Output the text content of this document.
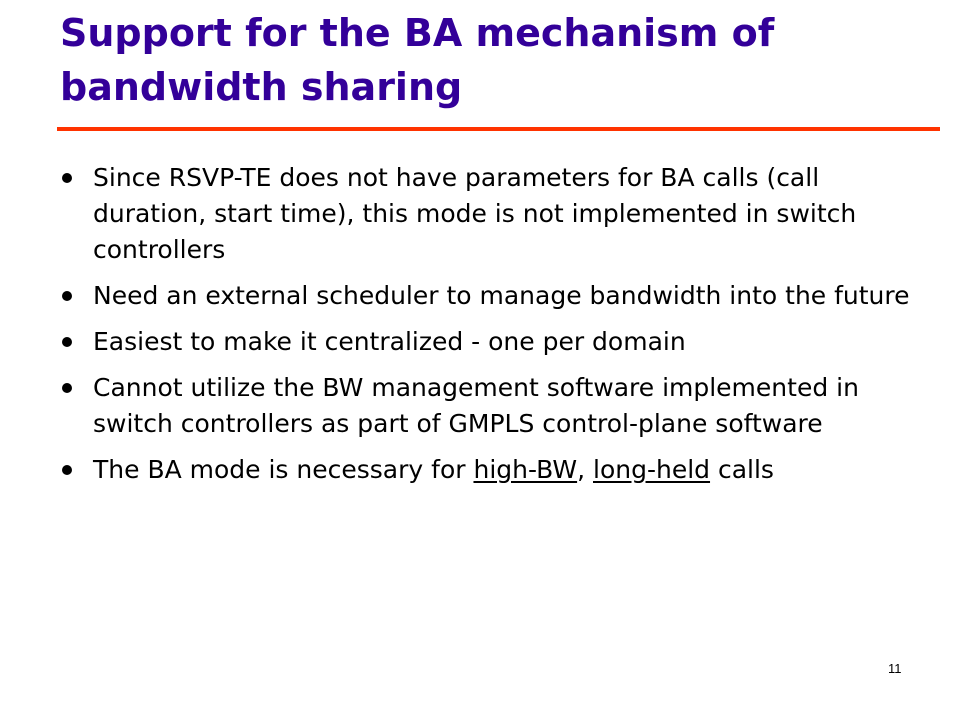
Support for the BA mechanism of bandwidth sharing
Since RSVP-TE does not have parameters for BA calls (call duration, start time), this mode is not implemented in switch controllers
Need an external scheduler to manage bandwidth into the future
Easiest to make it centralized - one per domain
Cannot utilize the BW management software implemented in switch controllers as part of GMPLS control-plane software
The BA mode is necessary for high-BW, long-held calls
11
